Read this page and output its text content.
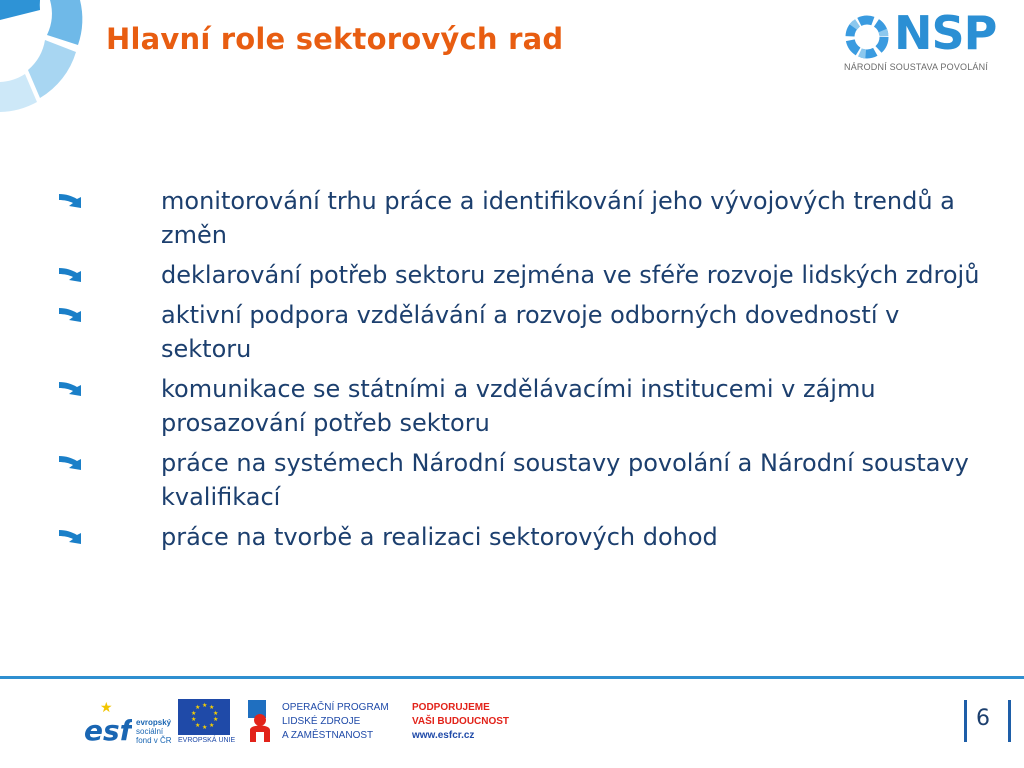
Hlavní role sektorových rad	NSP
NÁRODNÍ SOUSTAVA POVOLÁNÍ
monitorování trhu práce a identifikování jeho vývojových trendů a změn
deklarování potřeb sektoru zejména ve sféře rozvoje lidských zdrojů
aktivní podpora vzdělávání a rozvoje odborných dovedností v sektoru
komunikace se státními a vzdělávacími institucemi v zájmu prosazování potřeb sektoru
práce na systémech Národní soustavy povolání a Národní soustavy kvalifikací
práce na tvorbě a realizaci sektorových dohod
esf
★
evropský
sociální
fond v ČR
★ ★
★
★
★
★
★
★
★
★
EVROPSKÁ UNIE
OPERAČNÍ PROGRAM
LIDSKÉ ZDROJE
A ZAMĚSTNANOST
PODPORUJEME
VAŠI BUDOUCNOST
www.esfcr.cz
6
